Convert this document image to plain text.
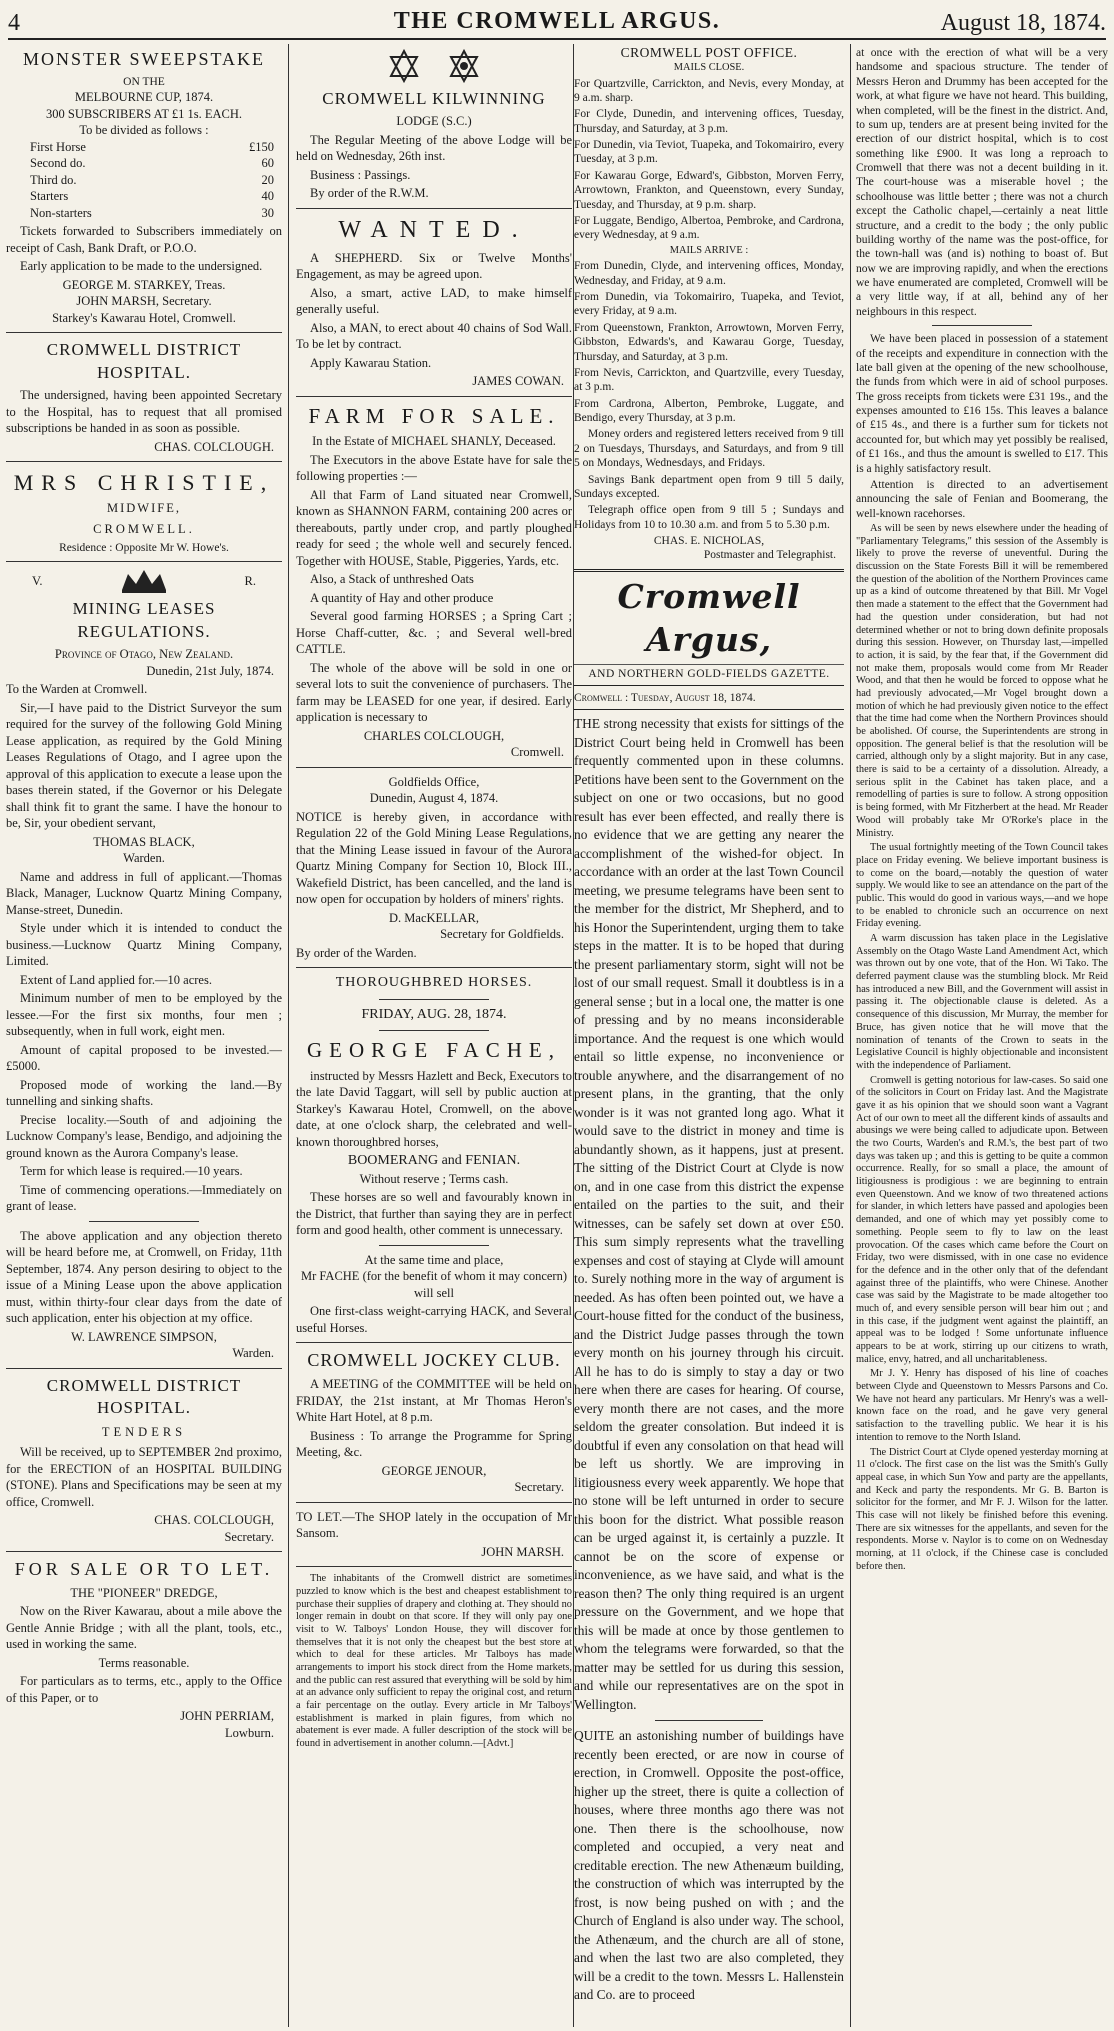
4	THE CROMWELL ARGUS.	August 18, 1874.
MONSTER SWEEPSTAKE
ON THE
MELBOURNE CUP, 1874.
300 SUBSCRIBERS AT £1 1s. EACH.
To be divided as follows :
First Horse	£150
Second do.	60
Third do.	20
Starters	40
Non-starters	30

Tickets forwarded to Subscribers immediately on receipt of Cash, Bank Draft, or P.O.O.

Early application to be made to the undersigned.

GEORGE M. STARKEY, Treas.
JOHN MARSH, Secretary.
Starkey's Kawarau Hotel, Cromwell.
CROMWELL DISTRICT HOSPITAL.

The undersigned, having been appointed Secretary to the Hospital, has to request that all promised subscriptions be handed in as soon as possible.

CHAS. COLCLOUGH.
MRS CHRISTIE,
MIDWIFE,
CROMWELL.
Residence : Opposite Mr W. Howe's.
V.	R.
MINING LEASES REGULATIONS.
Province of Otago, New Zealand.
Dunedin, 21st July, 1874.

To the Warden at Cromwell.

Sir,—I have paid to the District Surveyor the sum required for the survey of the following Gold Mining Lease application, as required by the Gold Mining Leases Regulations of Otago, and I agree upon the approval of this application to execute a lease upon the bases therein stated, if the Governor or his Delegate shall think fit to grant the same. I have the honour to be, Sir, your obedient servant,

THOMAS BLACK,
Warden.

Name and address in full of applicant.—Thomas Black, Manager, Lucknow Quartz Mining Company, Manse-street, Dunedin.

Style under which it is intended to conduct the business.—Lucknow Quartz Mining Company, Limited.

Extent of Land applied for.—10 acres.

Minimum number of men to be employed by the lessee.—For the first six months, four men ; subsequently, when in full work, eight men.

Amount of capital proposed to be invested.—£5000.

Proposed mode of working the land.—By tunnelling and sinking shafts.

Precise locality.—South of and adjoining the Lucknow Company's lease, Bendigo, and adjoining the ground known as the Aurora Company's lease.

Term for which lease is required.—10 years.

Time of commencing operations.—Immediately on grant of lease.

The above application and any objection thereto will be heard before me, at Cromwell, on Friday, 11th September, 1874. Any person desiring to object to the issue of a Mining Lease upon the above application must, within thirty-four clear days from the date of such application, enter his objection at my office.

W. LAWRENCE SIMPSON,
Warden.
CROMWELL DISTRICT HOSPITAL.
TENDERS

Will be received, up to SEPTEMBER 2nd proximo, for the ERECTION of an HOSPITAL BUILDING (STONE). Plans and Specifications may be seen at my office, Cromwell.

CHAS. COLCLOUGH,
Secretary.
FOR SALE OR TO LET.
THE "PIONEER" DREDGE,

Now on the River Kawarau, about a mile above the Gentle Annie Bridge ; with all the plant, tools, etc., used in working the same.

Terms reasonable.

For particulars as to terms, etc., apply to the Office of this Paper, or to

JOHN PERRIAM,
Lowburn.
CROMWELL KILWINNING
LODGE (S.C.)

The Regular Meeting of the above Lodge will be held on Wednesday, 26th inst.

Business : Passings.

By order of the R.W.M.

WANTED.

A SHEPHERD. Six or Twelve Months' Engagement, as may be agreed upon.

Also, a smart, active LAD, to make himself generally useful.

Also, a MAN, to erect about 40 chains of Sod Wall. To be let by contract.

Apply Kawarau Station.

JAMES COWAN.
FARM FOR SALE.
In the Estate of MICHAEL SHANLY, Deceased.

The Executors in the above Estate have for sale the following properties :—

All that Farm of Land situated near Cromwell, known as SHANNON FARM, containing 200 acres or thereabouts, partly under crop, and partly ploughed ready for seed ; the whole well and securely fenced. Together with HOUSE, Stable, Piggeries, Yards, etc.

Also, a Stack of unthreshed Oats

A quantity of Hay and other produce

Several good farming HORSES ; a Spring Cart ; Horse Chaff-cutter, &c. ; and Several well-bred CATTLE.

The whole of the above will be sold in one or several lots to suit the convenience of purchasers. The farm may be LEASED for one year, if desired. Early application is necessary to

CHARLES COLCLOUGH,
Cromwell.
Goldfields Office,
Dunedin, August 4, 1874.

NOTICE is hereby given, in accordance with Regulation 22 of the Gold Mining Lease Regulations, that the Mining Lease issued in favour of the Aurora Quartz Mining Company for Section 10, Block III., Wakefield District, has been cancelled, and the land is now open for occupation by holders of miners' rights.

D. MacKELLAR,
Secretary for Goldfields.

By order of the Warden.

THOROUGHBRED HORSES.
FRIDAY, AUG. 28, 1874.
GEORGE FACHE,

instructed by Messrs Hazlett and Beck, Executors to the late David Taggart, will sell by public auction at Starkey's Kawarau Hotel, Cromwell, on the above date, at one o'clock sharp, the celebrated and well-known thoroughbred horses,

BOOMERANG and FENIAN.
Without reserve ; Terms cash.

These horses are so well and favourably known in the District, that further than saying they are in perfect form and good health, other comment is unnecessary.

At the same time and place,
Mr FACHE (for the benefit of whom it may concern) will sell

One first-class weight-carrying HACK, and Several useful Horses.

CROMWELL JOCKEY CLUB.

A MEETING of the COMMITTEE will be held on FRIDAY, the 21st instant, at Mr Thomas Heron's White Hart Hotel, at 8 p.m.

Business : To arrange the Programme for Spring Meeting, &c.

GEORGE JENOUR,
Secretary.

TO LET.—The SHOP lately in the occupation of Mr Sansom.

JOHN MARSH.

The inhabitants of the Cromwell district are sometimes puzzled to know which is the best and cheapest establishment to purchase their supplies of drapery and clothing at. They should no longer remain in doubt on that score. If they will only pay one visit to W. Talboys' London House, they will discover for themselves that it is not only the cheapest but the best store at which to deal for these articles. Mr Talboys has made arrangements to import his stock direct from the Home markets, and the public can rest assured that everything will be sold by him at an advance only sufficient to repay the original cost, and return a fair percentage on the outlay. Every article in Mr Talboys' establishment is marked in plain figures, from which no abatement is ever made. A fuller description of the stock will be found in advertisement in another column.—[Advt.]

CROMWELL POST OFFICE.
MAILS CLOSE.

For Quartzville, Carrickton, and Nevis, every Monday, at 9 a.m. sharp.

For Clyde, Dunedin, and intervening offices, Tuesday, Thursday, and Saturday, at 3 p.m.

For Dunedin, via Teviot, Tuapeka, and Tokomairiro, every Tuesday, at 3 p.m.

For Kawarau Gorge, Edward's, Gibbston, Morven Ferry, Arrowtown, Frankton, and Queenstown, every Sunday, Tuesday, and Thursday, at 9 p.m. sharp.

For Luggate, Bendigo, Albertoa, Pembroke, and Cardrona, every Wednesday, at 9 a.m.

MAILS ARRIVE :

From Dunedin, Clyde, and intervening offices, Monday, Wednesday, and Friday, at 9 a.m.

From Dunedin, via Tokomairiro, Tuapeka, and Teviot, every Friday, at 9 a.m.

From Queenstown, Frankton, Arrowtown, Morven Ferry, Gibbston, Edwards's, and Kawarau Gorge, Tuesday, Thursday, and Saturday, at 3 p.m.

From Nevis, Carrickton, and Quartzville, every Tuesday, at 3 p.m.

From Cardrona, Alberton, Pembroke, Luggate, and Bendigo, every Thursday, at 3 p.m.

Money orders and registered letters received from 9 till 2 on Tuesdays, Thursdays, and Saturdays, and from 9 till 5 on Mondays, Wednesdays, and Fridays.

Savings Bank department open from 9 till 5 daily, Sundays excepted.

Telegraph office open from 9 till 5 ; Sundays and Holidays from 10 to 10.30 a.m. and from 5 to 5.30 p.m.

CHAS. E. NICHOLAS,
Postmaster and Telegraphist.
Cromwell Argus,
AND NORTHERN GOLD-FIELDS GAZETTE.
Cromwell : Tuesday, August 18, 1874.

THE strong necessity that exists for sittings of the District Court being held in Cromwell has been frequently commented upon in these columns. Petitions have been sent to the Government on the subject on one or two occasions, but no good result has ever been effected, and really there is no evidence that we are getting any nearer the accomplishment of the wished-for object. In accordance with an order at the last Town Council meeting, we presume telegrams have been sent to the member for the district, Mr Shepherd, and to his Honor the Superintendent, urging them to take steps in the matter. It is to be hoped that during the present parliamentary storm, sight will not be lost of our small request. Small it doubtless is in a general sense ; but in a local one, the matter is one of pressing and by no means inconsiderable importance. And the request is one which would entail so little expense, no inconvenience or trouble anywhere, and the disarrangement of no present plans, in the granting, that the only wonder is it was not granted long ago. What it would save to the district in money and time is abundantly shown, as it happens, just at present. The sitting of the District Court at Clyde is now on, and in one case from this district the expense entailed on the parties to the suit, and their witnesses, can be safely set down at over £50. This sum simply represents what the travelling expenses and cost of staying at Clyde will amount to. Surely nothing more in the way of argument is needed. As has often been pointed out, we have a Court-house fitted for the conduct of the business, and the District Judge passes through the town every month on his journey through his circuit. All he has to do is simply to stay a day or two here when there are cases for hearing. Of course, every month there are not cases, and the more seldom the greater consolation. But indeed it is doubtful if even any consolation on that head will be left us shortly. We are improving in litigiousness every week apparently. We hope that no stone will be left unturned in order to secure this boon for the district. What possible reason can be urged against it, is certainly a puzzle. It cannot be on the score of expense or inconvenience, as we have said, and what is the reason then? The only thing required is an urgent pressure on the Government, and we hope that this will be made at once by those gentlemen to whom the telegrams were forwarded, so that the matter may be settled for us during this session, and while our representatives are on the spot in Wellington.

QUITE an astonishing number of buildings have recently been erected, or are now in course of erection, in Cromwell. Opposite the post-office, higher up the street, there is quite a collection of houses, where three months ago there was not one. Then there is the schoolhouse, now completed and occupied, a very neat and creditable erection. The new Athenæum building, the construction of which was interrupted by the frost, is now being pushed on with ; and the Church of England is also under way. The school, the Athenæum, and the church are all of stone, and when the last two are also completed, they will be a credit to the town. Messrs L. Hallenstein and Co. are to proceed

at once with the erection of what will be a very handsome and spacious structure. The tender of Messrs Heron and Drummy has been accepted for the work, at what figure we have not heard. This building, when completed, will be the finest in the district. And, to sum up, tenders are at present being invited for the erection of our district hospital, which is to cost something like £900. It was long a reproach to Cromwell that there was not a decent building in it. The court-house was a miserable hovel ; the schoolhouse was little better ; there was not a church except the Catholic chapel,—certainly a neat little structure, and a credit to the body ; the only public building worthy of the name was the post-office, for the town-hall was (and is) nothing to boast of. But now we are improving rapidly, and when the erections we have enumerated are completed, Cromwell will be a very little way, if at all, behind any of her neighbours in this respect.

We have been placed in possession of a statement of the receipts and expenditure in connection with the late ball given at the opening of the new schoolhouse, the funds from which were in aid of school purposes. The gross receipts from tickets were £31 19s., and the expenses amounted to £16 15s. This leaves a balance of £15 4s., and there is a further sum for tickets not accounted for, but which may yet possibly be realised, of £1 16s., and thus the amount is swelled to £17. This is a highly satisfactory result.

Attention is directed to an advertisement announcing the sale of Fenian and Boomerang, the well-known racehorses.

As will be seen by news elsewhere under the heading of "Parliamentary Telegrams," this session of the Assembly is likely to prove the reverse of uneventful. During the discussion on the State Forests Bill it will be remembered the question of the abolition of the Northern Provinces came up as a kind of outcome threatened by that Bill. Mr Vogel then made a statement to the effect that the Government had had the question under consideration, but had not determined whether or not to bring down definite proposals during this session. However, on Thursday last,—impelled to action, it is said, by the fear that, if the Government did not make them, proposals would come from Mr Reader Wood, and that then he would be forced to oppose what he had previously advocated,—Mr Vogel brought down a motion of which he had previously given notice to the effect that the time had come when the Northern Provinces should be abolished. Of course, the Superintendents are strong in opposition. The general belief is that the resolution will be carried, although only by a slight majority. But in any case, there is said to be a certainty of a dissolution. Already, a serious split in the Cabinet has taken place, and a remodelling of parties is sure to follow. A strong opposition is being formed, with Mr Fitzherbert at the head. Mr Reader Wood will probably take Mr O'Rorke's place in the Ministry.

The usual fortnightly meeting of the Town Council takes place on Friday evening. We believe important business is to come on the board,—notably the question of water supply. We would like to see an attendance on the part of the public. This would do good in various ways,—and we hope to be enabled to chronicle such an occurrence on next Friday evening.

A warm discussion has taken place in the Legislative Assembly on the Otago Waste Land Amendment Act, which was thrown out by one vote, that of the Hon. Wi Tako. The deferred payment clause was the stumbling block. Mr Reid has introduced a new Bill, and the Government will assist in passing it. The objectionable clause is deleted. As a consequence of this discussion, Mr Murray, the member for Bruce, has given notice that he will move that the nomination of tenants of the Crown to seats in the Legislative Council is highly objectionable and inconsistent with the independence of Parliament.

Cromwell is getting notorious for law-cases. So said one of the solicitors in Court on Friday last. And the Magistrate gave it as his opinion that we should soon want a Vagrant Act of our own to meet all the different kinds of assaults and abusings we were being called to adjudicate upon. Between the two Courts, Warden's and R.M.'s, the best part of two days was taken up ; and this is getting to be quite a common occurrence. Really, for so small a place, the amount of litigiousness is prodigious : we are beginning to entrain even Queenstown. And we know of two threatened actions for slander, in which letters have passed and apologies been demanded, and one of which may yet possibly come to something. People seem to fly to law on the least provocation. Of the cases which came before the Court on Friday, two were dismissed, with in one case no evidence for the defence and in the other only that of the defendant against three of the plaintiffs, who were Chinese. Another case was said by the Magistrate to be made altogether too much of, and every sensible person will bear him out ; and in this case, if the judgment went against the plaintiff, an appeal was to be lodged ! Some unfortunate influence appears to be at work, stirring up our citizens to wrath, malice, envy, hatred, and all uncharitableness.

Mr J. Y. Henry has disposed of his line of coaches between Clyde and Queenstown to Messrs Parsons and Co. We have not heard any particulars. Mr Henry's was a well-known face on the road, and he gave very general satisfaction to the travelling public. We hear it is his intention to remove to the North Island.

The District Court at Clyde opened yesterday morning at 11 o'clock. The first case on the list was the Smith's Gully appeal case, in which Sun Yow and party are the appellants, and Keck and party the respondents. Mr G. B. Barton is solicitor for the former, and Mr F. J. Wilson for the latter. This case will not likely be finished before this evening. There are six witnesses for the appellants, and seven for the respondents. Morse v. Naylor is to come on on Wednesday morning, at 11 o'clock, if the Chinese case is concluded before then.
